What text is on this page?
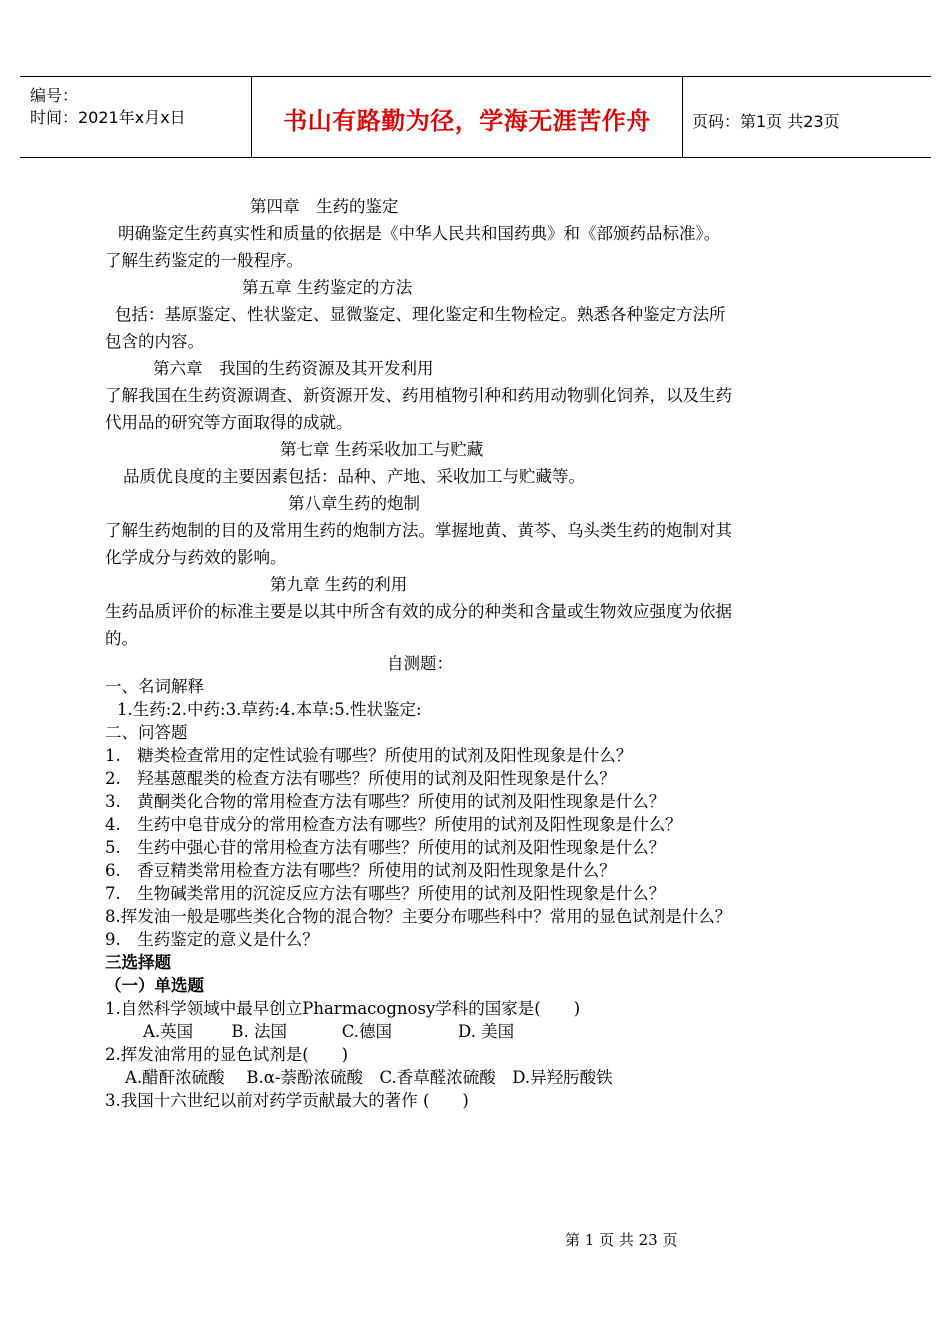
编号：
时间：2021年x月x日	书山有路勤为径，学海无涯苦作舟	页码：第1页 共23页
第四章　生药的鉴定
明确鉴定生药真实性和质量的依据是《中华人民共和国药典》和《部颁药品标准》。
了解生药鉴定的一般程序。
第五章 生药鉴定的方法
包括：基原鉴定、性状鉴定、显微鉴定、理化鉴定和生物检定。熟悉各种鉴定方法所
包含的内容。
第六章　我国的生药资源及其开发利用
了解我国在生药资源调查、新资源开发、药用植物引种和药用动物驯化饲养，以及生药
代用品的研究等方面取得的成就。
第七章 生药采收加工与贮藏
品质优良度的主要因素包括：品种、产地、采收加工与贮藏等。
第八章生药的炮制
了解生药炮制的目的及常用生药的炮制方法。掌握地黄、黄芩、乌头类生药的炮制对其
化学成分与药效的影响。
第九章 生药的利用
生药品质评价的标准主要是以其中所含有效的成分的种类和含量或生物效应强度为依据
的。
自测题：
一、名词解释
1.生药:2.中药:3.草药:4.本草:5.性状鉴定:
二、问答题
1.　糖类检查常用的定性试验有哪些？所使用的试剂及阳性现象是什么？
2.　羟基蒽醌类的检查方法有哪些？所使用的试剂及阳性现象是什么？
3.　黄酮类化合物的常用检查方法有哪些？所使用的试剂及阳性现象是什么？
4.　生药中皂苷成分的常用检查方法有哪些？所使用的试剂及阳性现象是什么？
5.　生药中强心苷的常用检查方法有哪些？所使用的试剂及阳性现象是什么？
6.　香豆精类常用检查方法有哪些？所使用的试剂及阳性现象是什么？
7.　生物碱类常用的沉淀反应方法有哪些？所使用的试剂及阳性现象是什么？
8.挥发油一般是哪些类化合物的混合物？主要分布哪些科中？常用的显色试剂是什么？
9.　生药鉴定的意义是什么？
三选择题
（一）单选题
1.自然科学领域中最早创立Pharmacognosy学科的国家是(　　)
A.英国　　 B. 法国　　　 C.德国　　　　D. 美国
2.挥发油常用的显色试剂是(　　)
A.醋酐浓硫酸　 B.α-萘酚浓硫酸　C.香草醛浓硫酸　D.异羟肟酸铁
3.我国十六世纪以前对药学贡献最大的著作 (　　)
第 1 页 共 23 页
